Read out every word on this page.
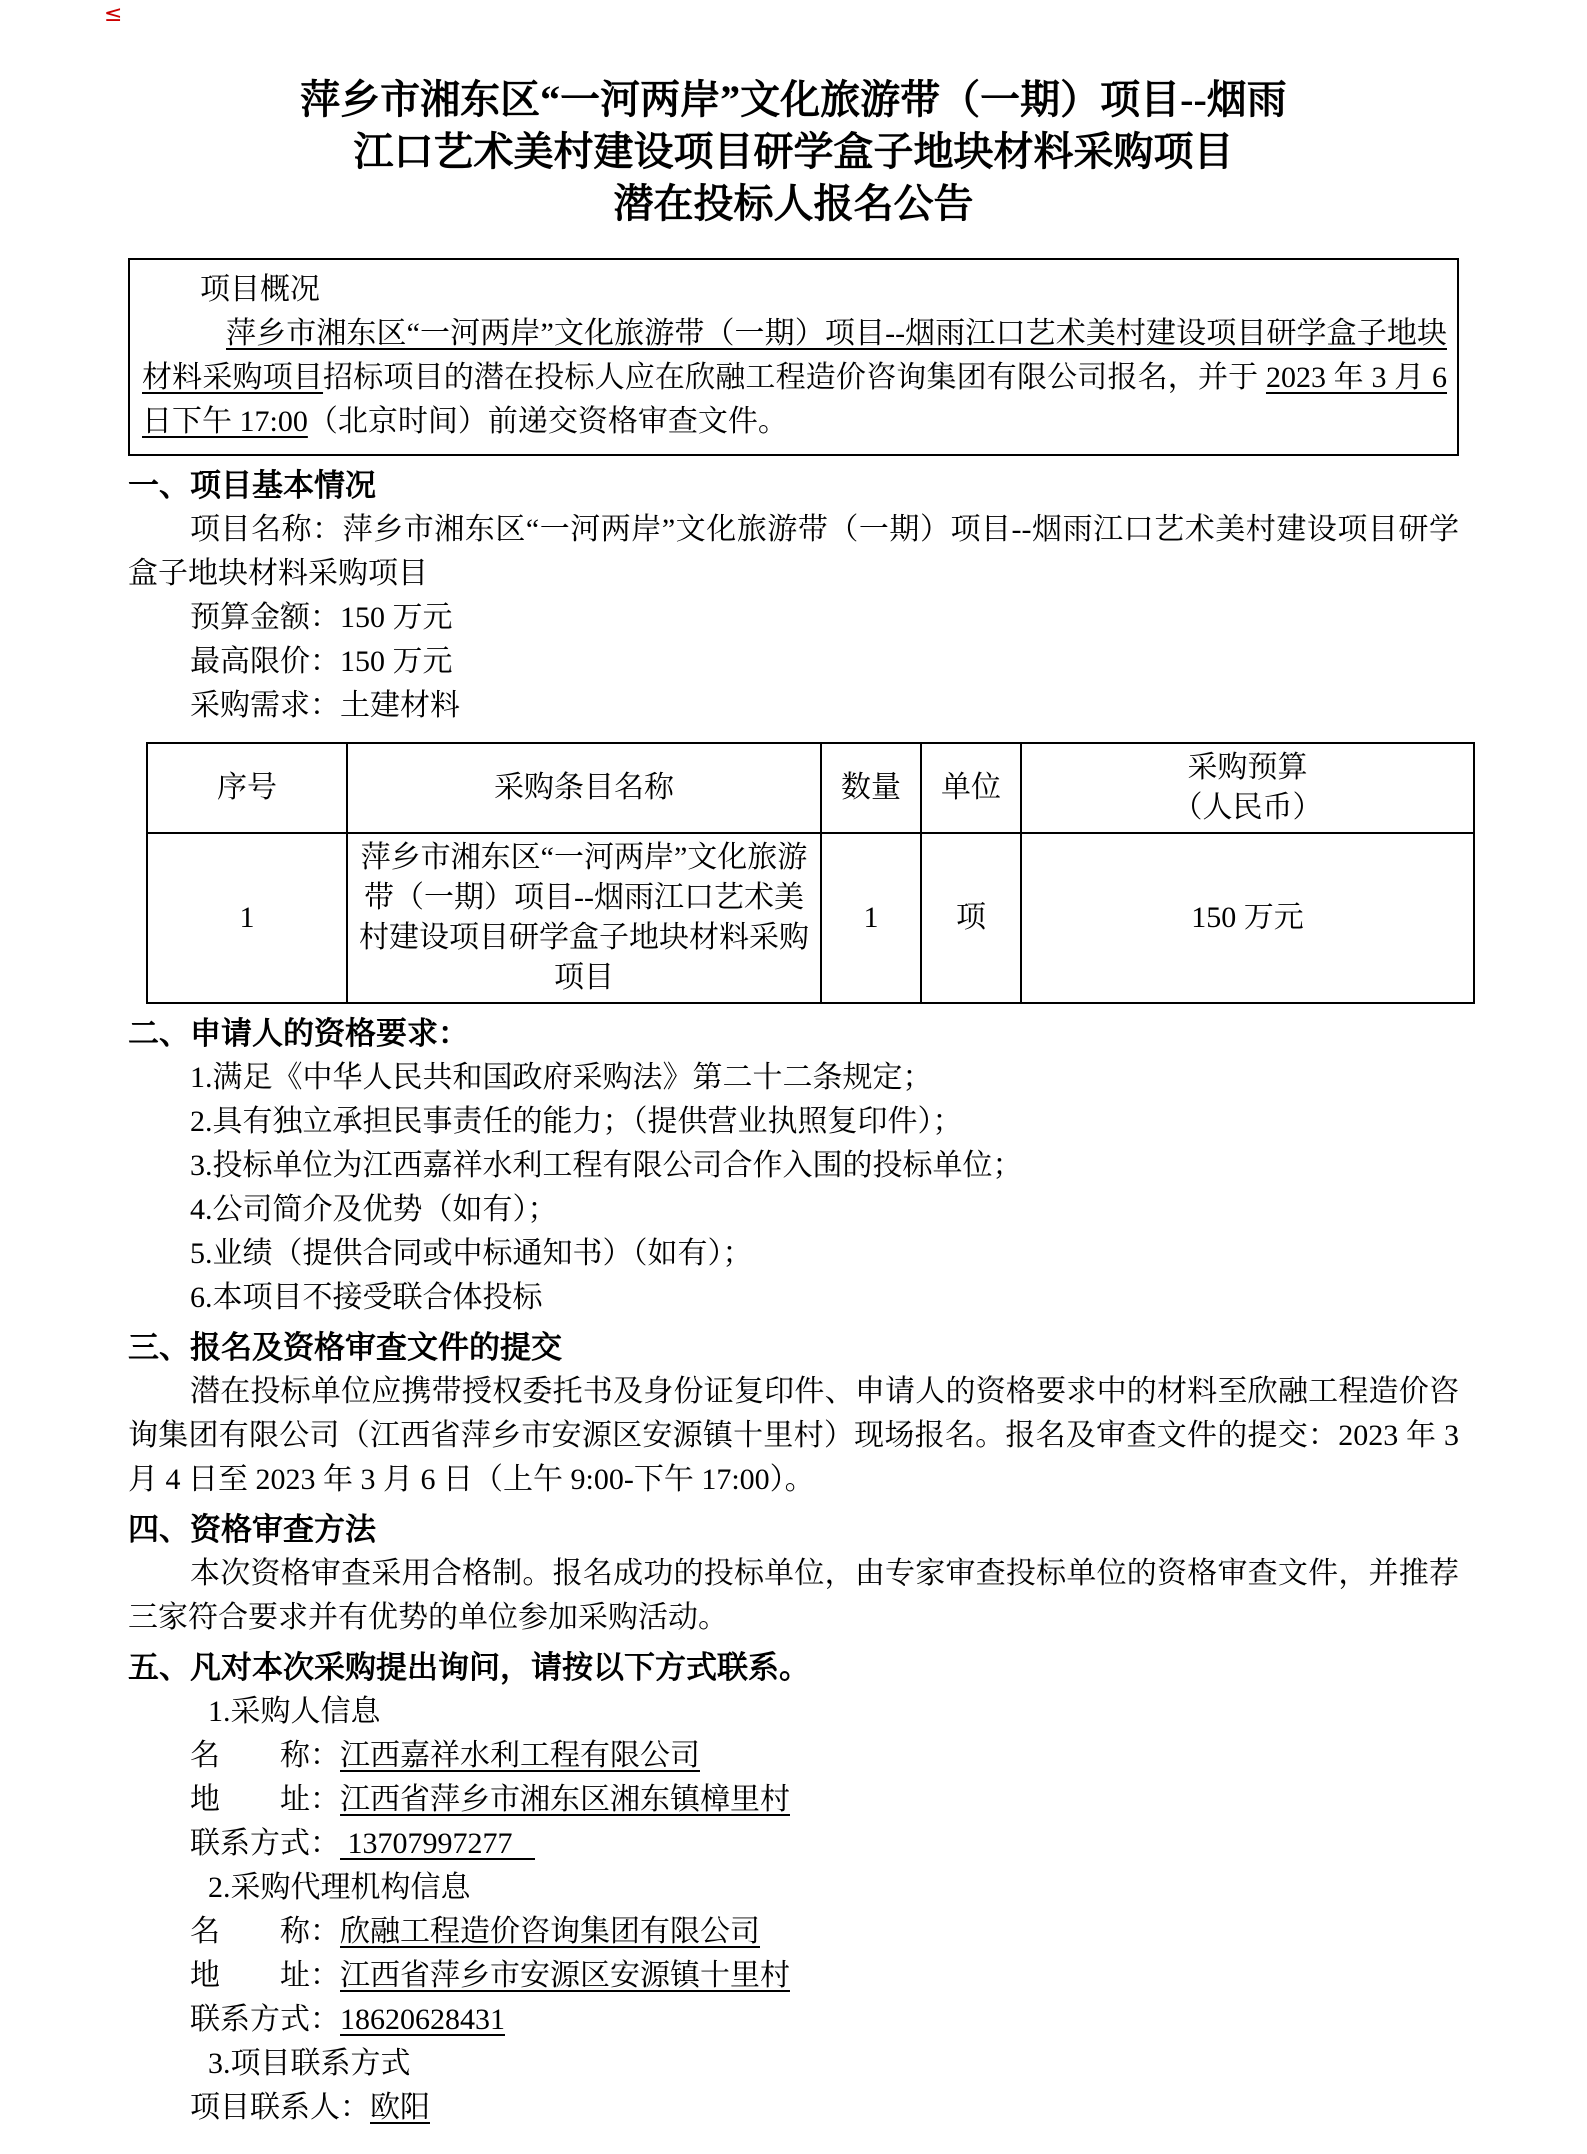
≤
萍乡市湘东区“一河两岸”文化旅游带（一期）项目--烟雨
江口艺术美村建设项目研学盒子地块材料采购项目
潜在投标人报名公告

项目概况

萍乡市湘东区“一河两岸”文化旅游带（一期）项目--烟雨江口艺术美村建设项目研学盒子地块材料采购项目招标项目的潜在投标人应在欣融工程造价咨询集团有限公司报名，并于 2023 年 3 月 6 日下午 17:00（北京时间）前递交资格审查文件。

一、项目基本情况

项目名称：萍乡市湘东区“一河两岸”文化旅游带（一期）项目--烟雨江口艺术美村建设项目研学盒子地块材料采购项目

预算金额：150 万元

最高限价：150 万元

采购需求：土建材料

序号	采购条目名称	数量	单位	采购预算
（人民币）

1	萍乡市湘东区“一河两岸”文化旅游带（一期）项目--烟雨江口艺术美村建设项目研学盒子地块材料采购项目	1	项	150 万元
二、申请人的资格要求：

1.满足《中华人民共和国政府采购法》第二十二条规定；

2.具有独立承担民事责任的能力；（提供营业执照复印件）；

3.投标单位为江西嘉祥水利工程有限公司合作入围的投标单位；

4.公司简介及优势（如有）；

5.业绩（提供合同或中标通知书）（如有）；

6.本项目不接受联合体投标

三、报名及资格审查文件的提交

潜在投标单位应携带授权委托书及身份证复印件、申请人的资格要求中的材料至欣融工程造价咨询集团有限公司（江西省萍乡市安源区安源镇十里村）现场报名。报名及审查文件的提交：2023 年 3 月 4 日至 2023 年 3 月 6 日（上午 9:00-下午 17:00）。

四、资格审查方法

本次资格审查采用合格制。报名成功的投标单位，由专家审查投标单位的资格审查文件，并推荐三家符合要求并有优势的单位参加采购活动。

五、凡对本次采购提出询问，请按以下方式联系。

1.采购人信息

名　　称：江西嘉祥水利工程有限公司

地　　址：江西省萍乡市湘东区湘东镇樟里村

联系方式： 13707997277

2.采购代理机构信息

名　　称：欣融工程造价咨询集团有限公司

地　　址：江西省萍乡市安源区安源镇十里村

联系方式：18620628431

3.项目联系方式

项目联系人：欧阳
